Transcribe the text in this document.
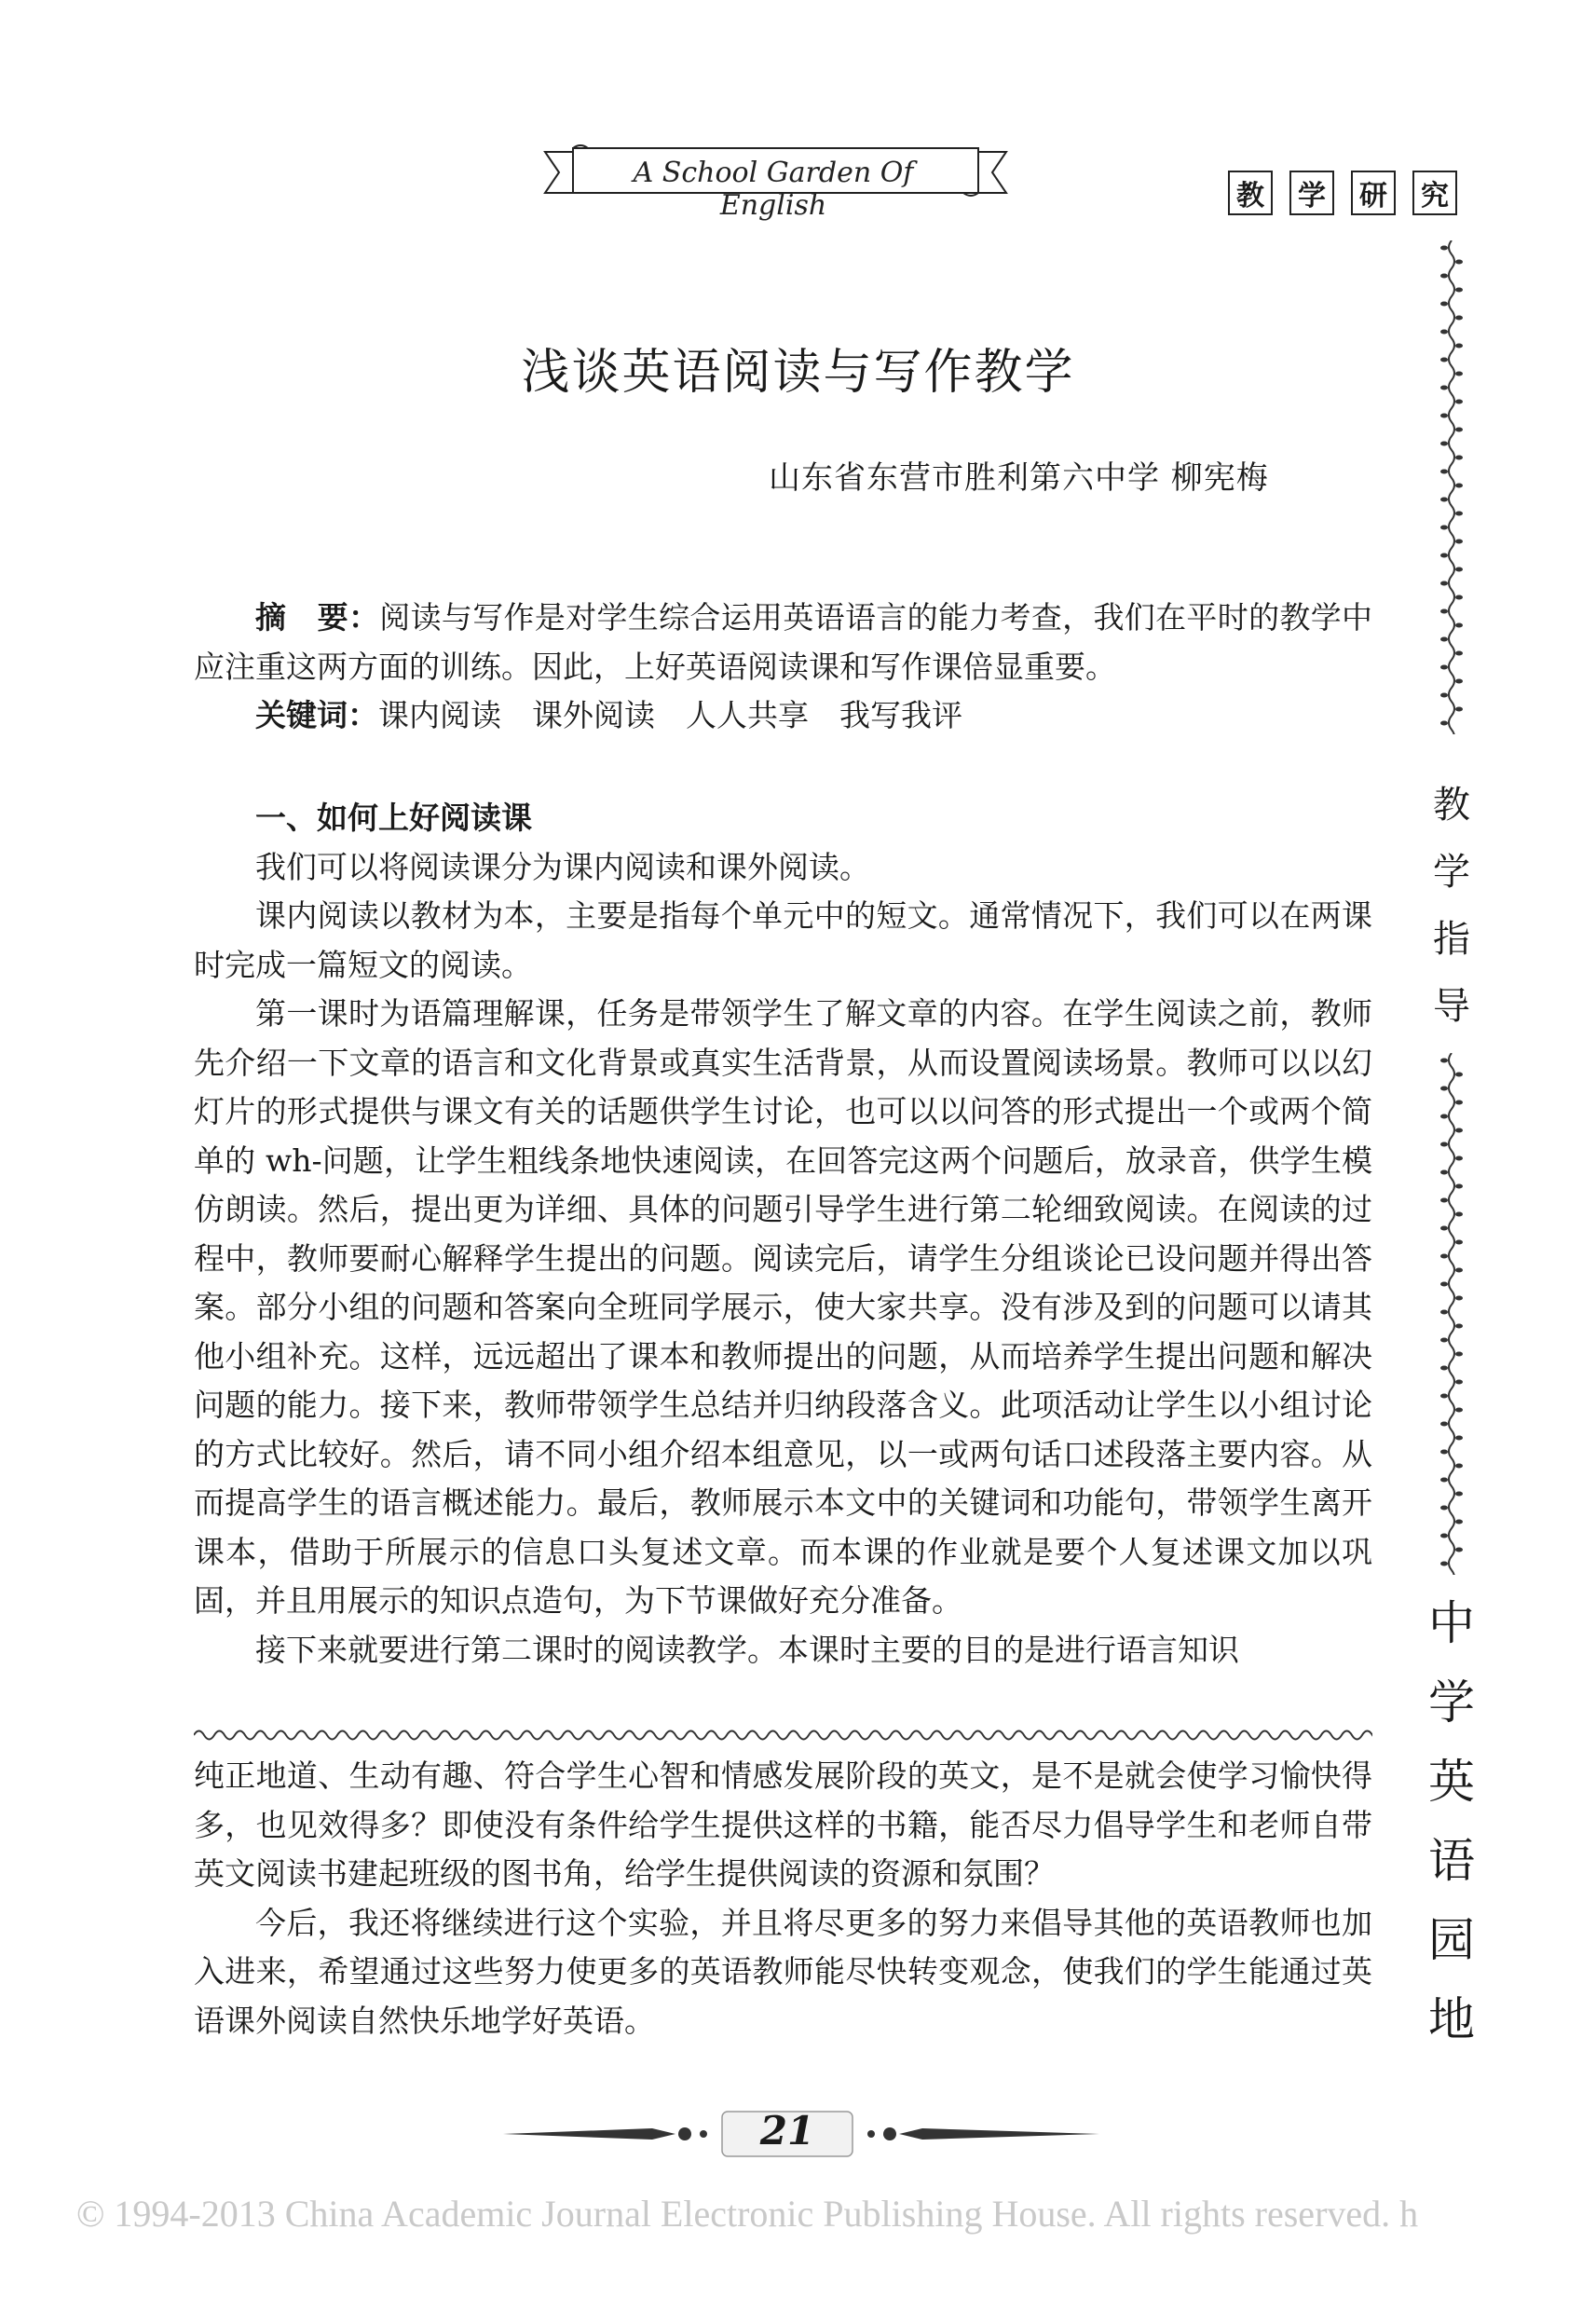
A School Garden Of English	教	学	研	究
浅谈英语阅读与写作教学
山东省东营市胜利第六中学 柳宪梅

摘　要：阅读与写作是对学生综合运用英语语言的能力考查，我们在平时的教学中应注重这两方面的训练。因此，上好英语阅读课和写作课倍显重要。

关键词：课内阅读　课外阅读　人人共享　我写我评

一、如何上好阅读课

我们可以将阅读课分为课内阅读和课外阅读。

课内阅读以教材为本，主要是指每个单元中的短文。通常情况下，我们可以在两课时完成一篇短文的阅读。

第一课时为语篇理解课，任务是带领学生了解文章的内容。在学生阅读之前，教师先介绍一下文章的语言和文化背景或真实生活背景，从而设置阅读场景。教师可以以幻灯片的形式提供与课文有关的话题供学生讨论，也可以以问答的形式提出一个或两个简单的 wh-问题，让学生粗线条地快速阅读，在回答完这两个问题后，放录音，供学生模仿朗读。然后，提出更为详细、具体的问题引导学生进行第二轮细致阅读。在阅读的过程中，教师要耐心解释学生提出的问题。阅读完后，请学生分组谈论已设问题并得出答案。部分小组的问题和答案向全班同学展示，使大家共享。没有涉及到的问题可以请其他小组补充。这样，远远超出了课本和教师提出的问题，从而培养学生提出问题和解决问题的能力。接下来，教师带领学生总结并归纳段落含义。此项活动让学生以小组讨论的方式比较好。然后，请不同小组介绍本组意见，以一或两句话口述段落主要内容。从而提高学生的语言概述能力。最后，教师展示本文中的关键词和功能句，带领学生离开课本，借助于所展示的信息口头复述文章。而本课的作业就是要个人复述课文加以巩固，并且用展示的知识点造句，为下节课做好充分准备。

接下来就要进行第二课时的阅读教学。本课时主要的目的是进行语言知识

纯正地道、生动有趣、符合学生心智和情感发展阶段的英文，是不是就会使学习愉快得多，也见效得多？即使没有条件给学生提供这样的书籍，能否尽力倡导学生和老师自带英文阅读书建起班级的图书角，给学生提供阅读的资源和氛围？

今后，我还将继续进行这个实验，并且将尽更多的努力来倡导其他的英语教师也加入进来，希望通过这些努力使更多的英语教师能尽快转变观念，使我们的学生能通过英语课外阅读自然快乐地学好英语。

教
学
指
导
中
学
英
语
园
地
21
© 1994-2013 China Academic Journal Electronic Publishing House. All rights reserved. h
